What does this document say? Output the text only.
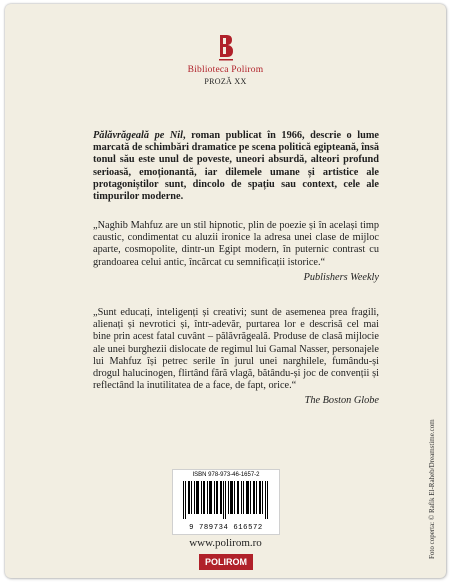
Biblioteca Polirom
PROZĂ XX
Pălăvrăgeală pe Nil, roman publicat în 1966, descrie o lume marcată de schimbări dramatice pe scena politică egipteană, însă tonul său este unul de poveste, uneori absurdă, alteori profund serioasă, emoționantă, iar dilemele umane și artistice ale protagoniștilor sunt, dincolo de spațiu sau context, cele ale timpurilor moderne.
„Naghib Mahfuz are un stil hipnotic, plin de poezie și în același timp caustic, condimentat cu aluzii ironice la adresa unei clase de mijloc aparte, cosmopolite, dintr-un Egipt modern, în puternic contrast cu grandoarea celui antic, încărcat cu semnificații istorice.“
Publishers Weekly
„Sunt educați, inteligenți și creativi; sunt de asemenea prea fragili, alienați și nevrotici și, într-adevăr, purtarea lor e descrisă cel mai bine prin acest fatal cuvânt – pălăvrăgeală. Produse de clasă mijlocie ale unei burghezii dislocate de regimul lui Gamal Nasser, personajele lui Mahfuz își petrec serile în jurul unei narghilele, fumându-și drogul halucinogen, flirtând fără vlagă, bătându-și joc de convenții și reflectând la inutilitatea de a face, de fapt, orice.“
The Boston Globe
ISBN 978-973-46-1657-2
9 789734 616572
www.polirom.ro
POLIROM
Foto coperta: © Rafik El-Raheb/Dreamstime.com
